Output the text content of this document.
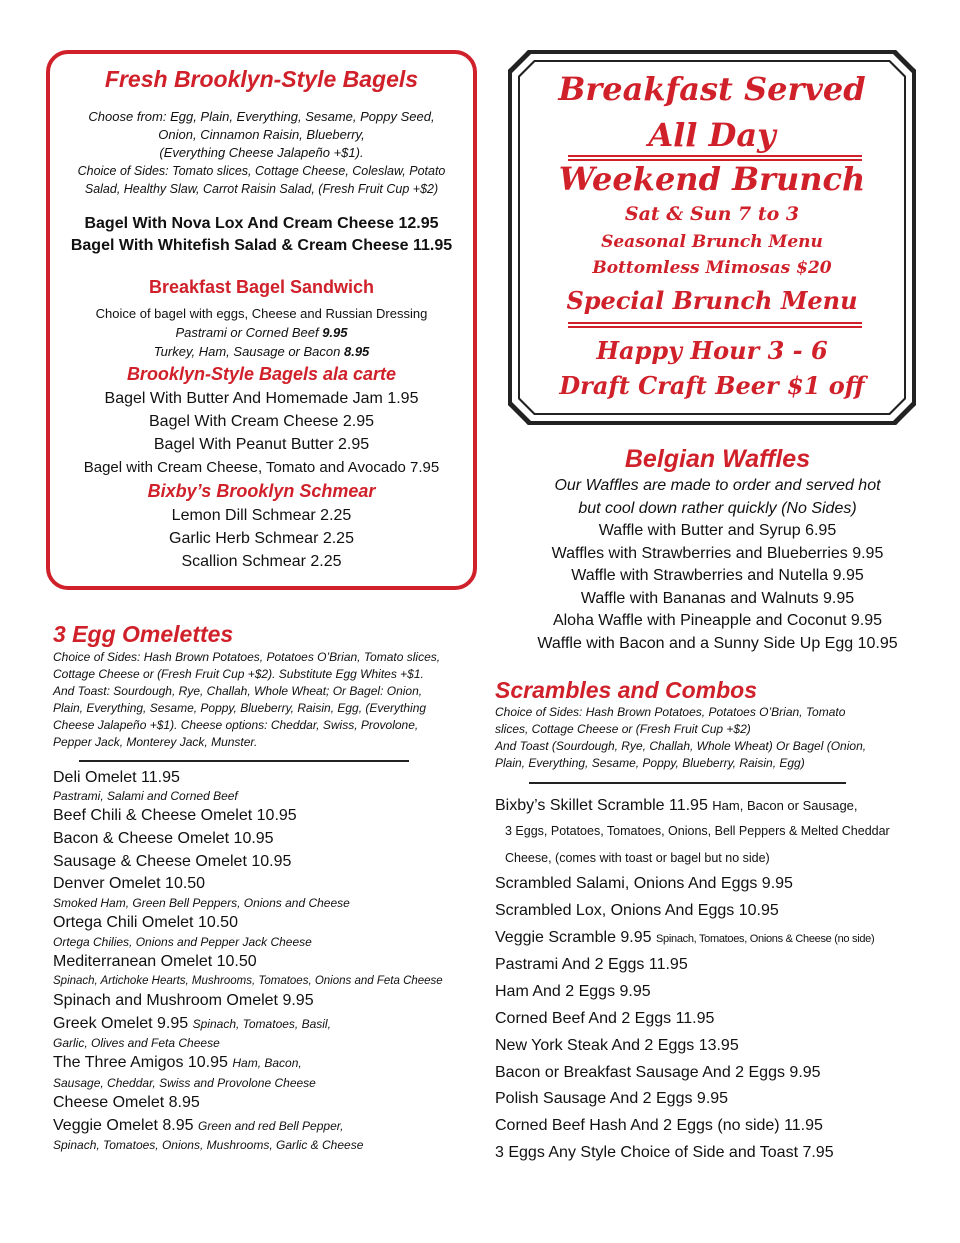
Fresh Brooklyn-Style Bagels
Choose from: Egg, Plain, Everything, Sesame, Poppy Seed,
Onion, Cinnamon Raisin, Blueberry,
(Everything Cheese Jalapeño +$1).
Choice of Sides: Tomato slices, Cottage Cheese, Coleslaw, Potato
Salad, Healthy Slaw, Carrot Raisin Salad, (Fresh Fruit Cup +$2)
Bagel With Nova Lox And Cream Cheese 12.95
Bagel With Whitefish Salad & Cream Cheese 11.95
Breakfast Bagel Sandwich
Choice of bagel with eggs, Cheese and Russian Dressing
Pastrami or Corned Beef 9.95
Turkey, Ham, Sausage or Bacon 8.95
Brooklyn-Style Bagels ala carte
Bagel With Butter And Homemade Jam 1.95
Bagel With Cream Cheese 2.95
Bagel With Peanut Butter 2.95
Bagel with Cream Cheese, Tomato and Avocado 7.95
Bixby’s Brooklyn Schmear
Lemon Dill Schmear 2.25
Garlic Herb Schmear 2.25
Scallion Schmear 2.25
Breakfast Served
All Day
Weekend Brunch
Sat & Sun 7 to 3
Seasonal Brunch Menu
Bottomless Mimosas $20
Special Brunch Menu
Happy Hour 3 - 6
Draft Craft Beer $1 off
Belgian Waffles
Our Waffles are made to order and served hot
but cool down rather quickly (No Sides)
Waffle with Butter and Syrup 6.95
Waffles with Strawberries and Blueberries 9.95
Waffle with Strawberries and Nutella 9.95
Waffle with Bananas and Walnuts 9.95
Aloha Waffle with Pineapple and Coconut 9.95
Waffle with Bacon and a Sunny Side Up Egg 10.95
3 Egg Omelettes
Choice of Sides: Hash Brown Potatoes, Potatoes O’Brian, Tomato slices,
Cottage Cheese or (Fresh Fruit Cup +$2). Substitute Egg Whites +$1.
And Toast: Sourdough, Rye, Challah, Whole Wheat; Or Bagel: Onion,
Plain, Everything, Sesame, Poppy, Blueberry, Raisin, Egg, (Everything
Cheese Jalapeño +$1). Cheese options: Cheddar, Swiss, Provolone,
Pepper Jack, Monterey Jack, Munster.
Deli Omelet 11.95
Pastrami, Salami and Corned Beef
Beef Chili & Cheese Omelet 10.95
Bacon & Cheese Omelet 10.95
Sausage & Cheese Omelet 10.95
Denver Omelet 10.50
Smoked Ham, Green Bell Peppers, Onions and Cheese
Ortega Chili Omelet 10.50
Ortega Chilies, Onions and Pepper Jack Cheese
Mediterranean Omelet 10.50
Spinach, Artichoke Hearts, Mushrooms, Tomatoes, Onions and Feta Cheese
Spinach and Mushroom Omelet 9.95
Greek Omelet 9.95 Spinach, Tomatoes, Basil,
Garlic, Olives and Feta Cheese
The Three Amigos 10.95 Ham, Bacon,
Sausage, Cheddar, Swiss and Provolone Cheese
Cheese Omelet 8.95
Veggie Omelet 8.95 Green and red Bell Pepper,
Spinach, Tomatoes, Onions, Mushrooms, Garlic & Cheese
Scrambles and Combos
Choice of Sides: Hash Brown Potatoes, Potatoes O’Brian, Tomato
slices, Cottage Cheese or (Fresh Fruit Cup +$2)
And Toast (Sourdough, Rye, Challah, Whole Wheat) Or Bagel (Onion,
Plain, Everything, Sesame, Poppy, Blueberry, Raisin, Egg)
Bixby’s Skillet Scramble 11.95 Ham, Bacon or Sausage,
3 Eggs, Potatoes, Tomatoes, Onions, Bell Peppers & Melted Cheddar
Cheese, (comes with toast or bagel but no side)
Scrambled Salami, Onions And Eggs 9.95
Scrambled Lox, Onions And Eggs 10.95
Veggie Scramble 9.95 Spinach, Tomatoes, Onions & Cheese (no side)
Pastrami And 2 Eggs 11.95
Ham And 2 Eggs 9.95
Corned Beef And 2 Eggs 11.95
New York Steak And 2 Eggs 13.95
Bacon or Breakfast Sausage And 2 Eggs 9.95
Polish Sausage And 2 Eggs 9.95
Corned Beef Hash And 2 Eggs (no side) 11.95
3 Eggs Any Style Choice of Side and Toast 7.95
